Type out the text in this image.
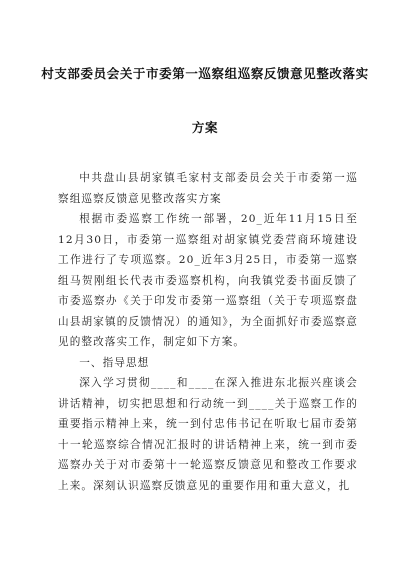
村支部委员会关于市委第一巡察组巡察反馈意见整改落实
方案

中共盘山县胡家镇毛家村支部委员会关于市委第一巡察组巡察反馈意见整改落实方案

根据市委巡察工作统一部署，20_近年11月15日至12月30日，市委第一巡察组对胡家镇党委营商环境建设工作进行了专项巡察。20_近年3月25日，市委第一巡察组马贺刚组长代表市委巡察机构，向我镇党委书面反馈了市委巡察办《关于印发市委第一巡察组（关于专项巡察盘山县胡家镇的反馈情况）的通知》，为全面抓好市委巡察意见的整改落实工作，制定如下方案。

一、指导思想

深入学习贯彻____和____在深入推进东北振兴座谈会讲话精神，切实把思想和行动统一到____关于巡察工作的重要指示精神上来，统一到付忠伟书记在听取七届市委第十一轮巡察综合情况汇报时的讲话精神上来，统一到市委巡察办关于对市委第十一轮巡察反馈意见和整改工作要求上来。深刻认识巡察反馈意见的重要作用和重大意义，扎
